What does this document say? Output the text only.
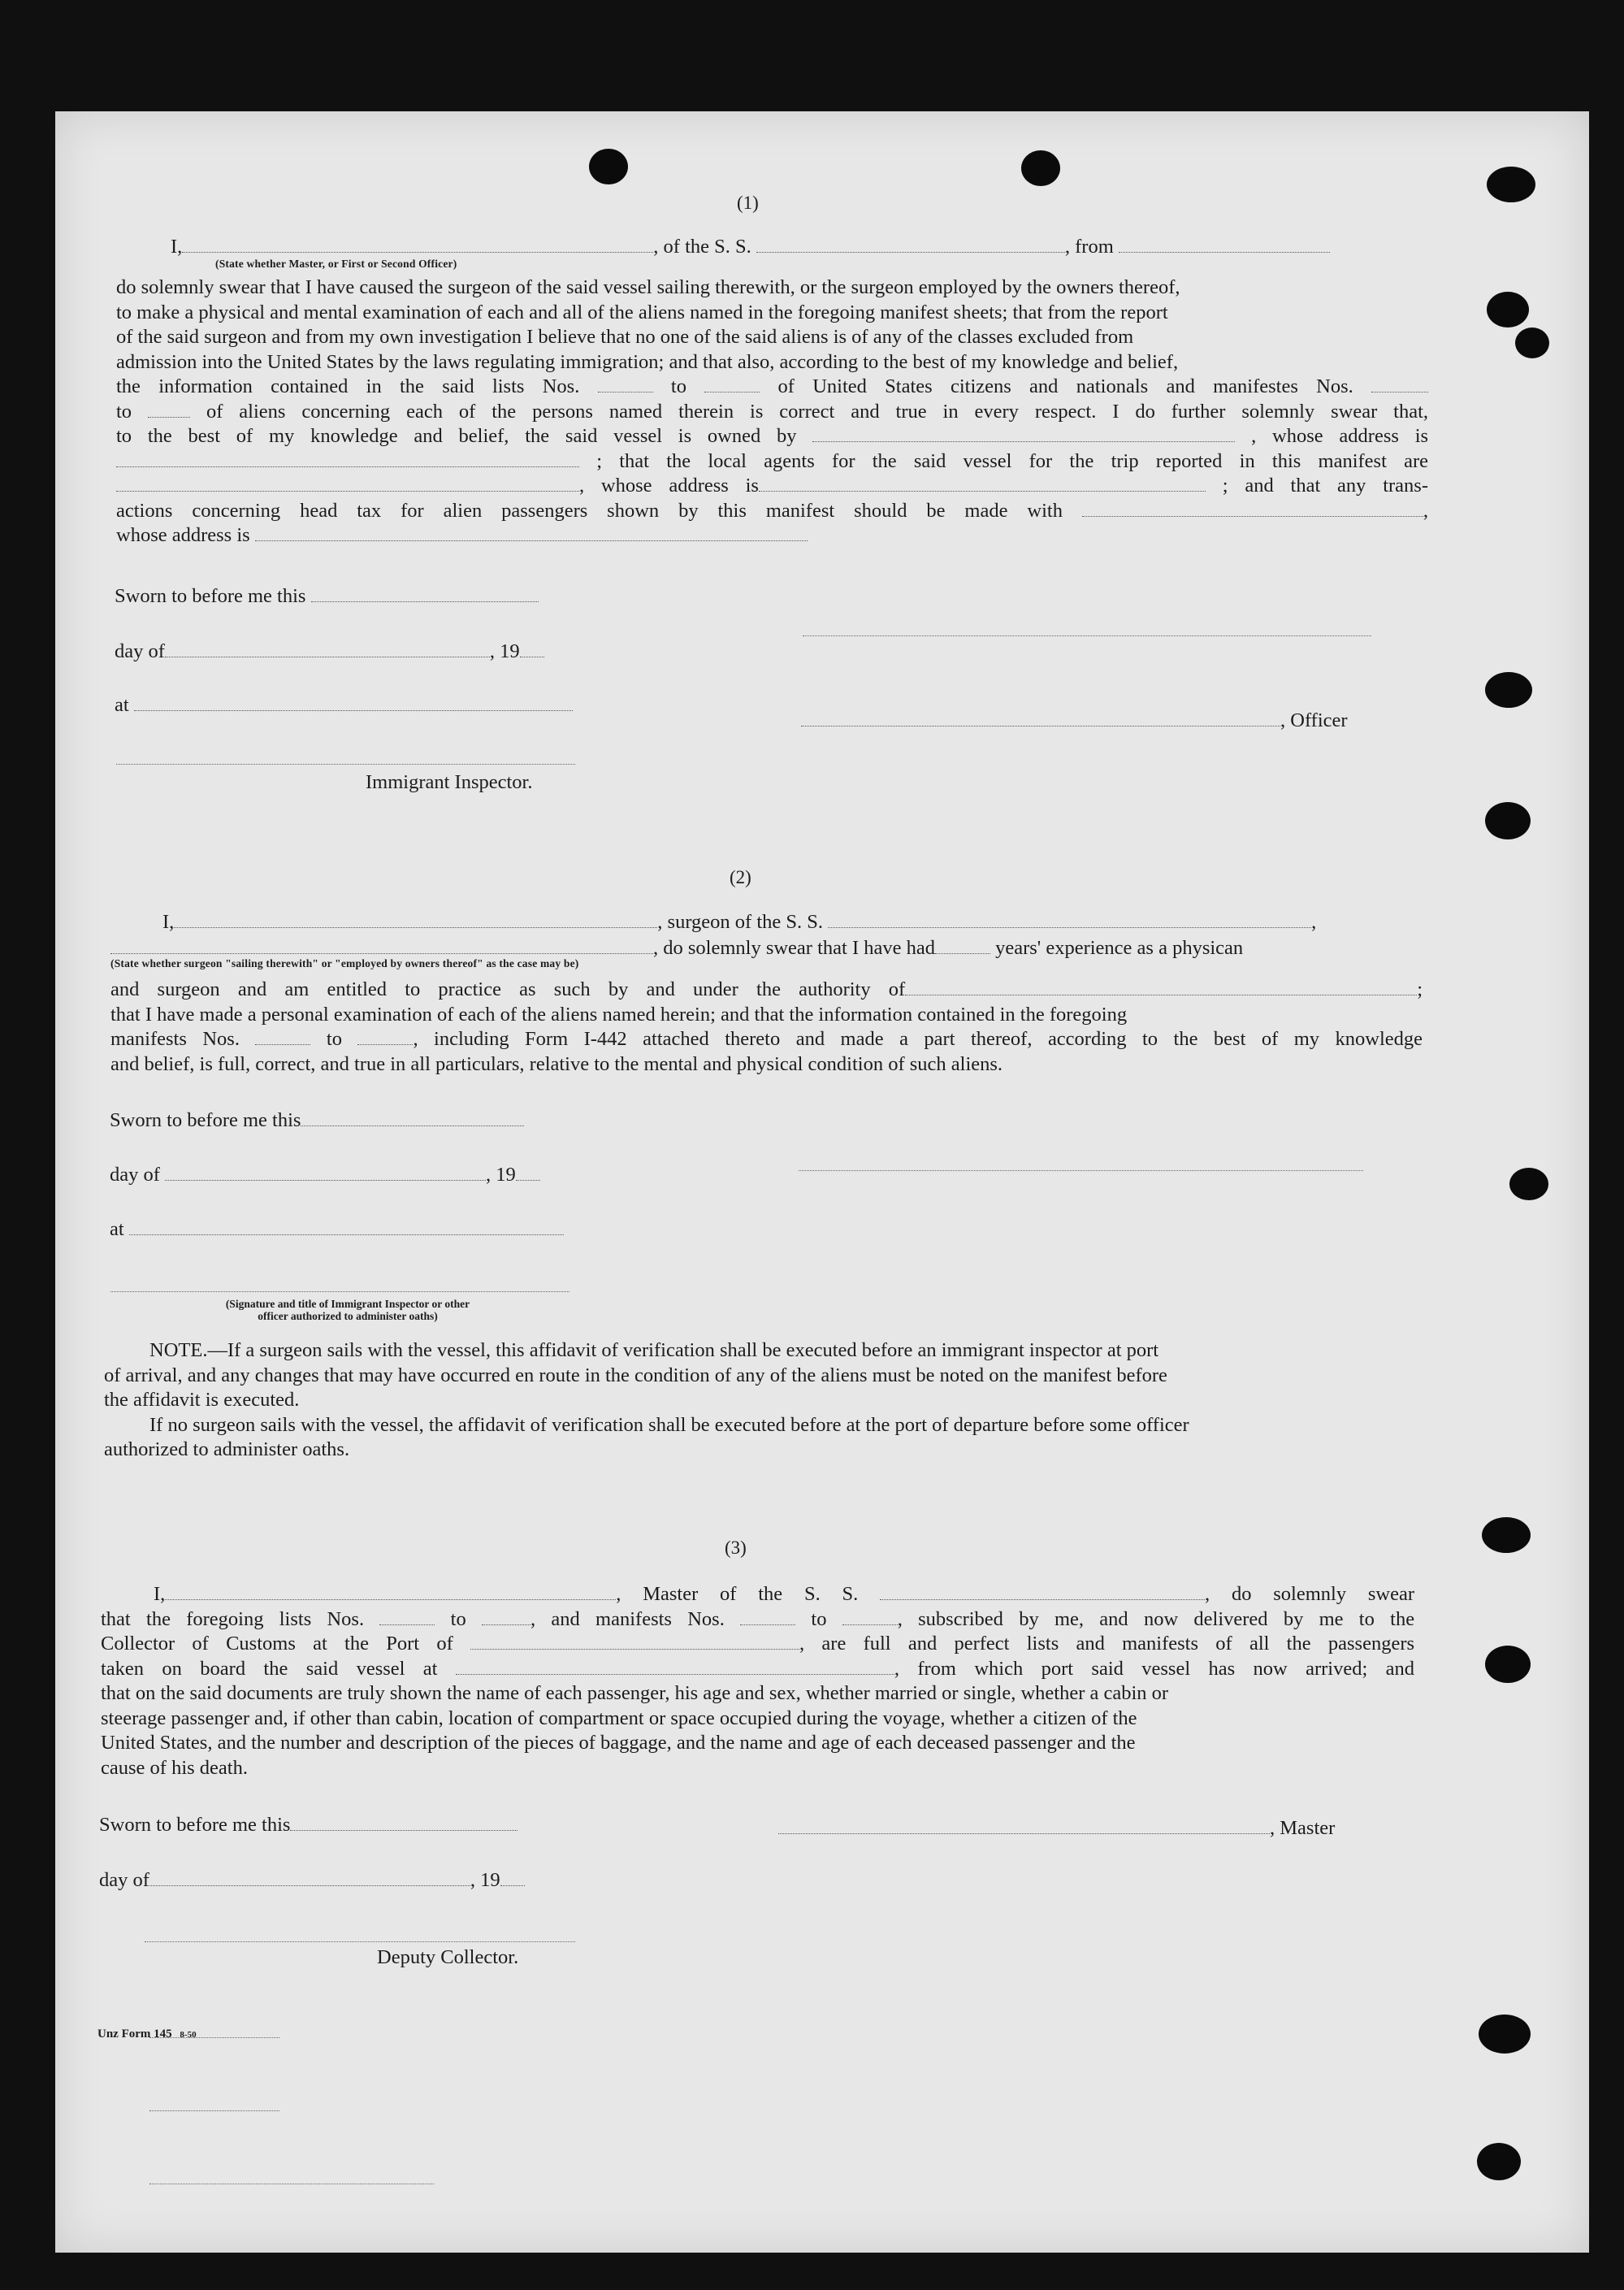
(1)
I,	, of the S. S.	, from
(State whether Master, or First or Second Officer)
do solemnly swear that I have caused the surgeon of the said vessel sailing therewith, or the surgeon employed by the owners thereof,
to make a physical and mental examination of each and all of the aliens named in the foregoing manifest sheets; that from the report
of the said surgeon and from my own investigation I believe that no one of the said aliens is of any of the classes excluded from
admission into the United States by the laws regulating immigration; and that also, according to the best of my knowledge and belief,
the information contained in the said lists Nos.	to	of United States citizens and nationals and manifestes Nos.
to	of aliens concerning each of the persons named therein is correct and true in every respect. I do further solemnly swear that,
to the best of my knowledge and belief, the said vessel is owned by	, whose address is
; that the local agents for the said vessel for the trip reported in this manifest are
, whose address is	; and that any trans-
actions concerning head tax for alien passengers shown by this manifest should be made with	,
whose address is
Sworn to before me this
day of	, 19
at
, Officer
Immigrant Inspector.
(2)
I,	, surgeon of the S. S.	,
, do solemnly swear that I have had	years' experience as a physican
(State whether surgeon "sailing therewith" or "employed by owners thereof" as the case may be)
and surgeon and am entitled to practice as such by and under the authority of	;
that I have made a personal examination of each of the aliens named herein; and that the information contained in the foregoing
manifests Nos.	to	, including Form I-442 attached thereto and made a part thereof, according to the best of my knowledge
and belief, is full, correct, and true in all particulars, relative to the mental and physical condition of such aliens.
Sworn to before me this
day of	, 19
at
(Signature and title of Immigrant Inspector or other
officer authorized to administer oaths)
NOTE.—If a surgeon sails with the vessel, this affidavit of verification shall be executed before an immigrant inspector at port
of arrival, and any changes that may have occurred en route in the condition of any of the aliens must be noted on the manifest before
the affidavit is executed.
If no surgeon sails with the vessel, the affidavit of verification shall be executed before at the port of departure before some officer
authorized to administer oaths.
(3)
I,	, Master of the S. S.	, do solemnly swear
that the foregoing lists Nos.	to	, and manifests Nos.	to	, subscribed by me, and now delivered by me to the
Collector of Customs at the Port of	, are full and perfect lists and manifests of all the passengers
taken on board the said vessel at	, from which port said vessel has now arrived; and
that on the said documents are truly shown the name of each passenger, his age and sex, whether married or single, whether a cabin or
steerage passenger and, if other than cabin, location of compartment or space occupied during the voyage, whether a citizen of the
United States, and the number and description of the pieces of baggage, and the name and age of each deceased passenger and the
cause of his death.
Sworn to before me this	, Master
day of	, 19
Deputy Collector.
Unz Form 145 8-50
